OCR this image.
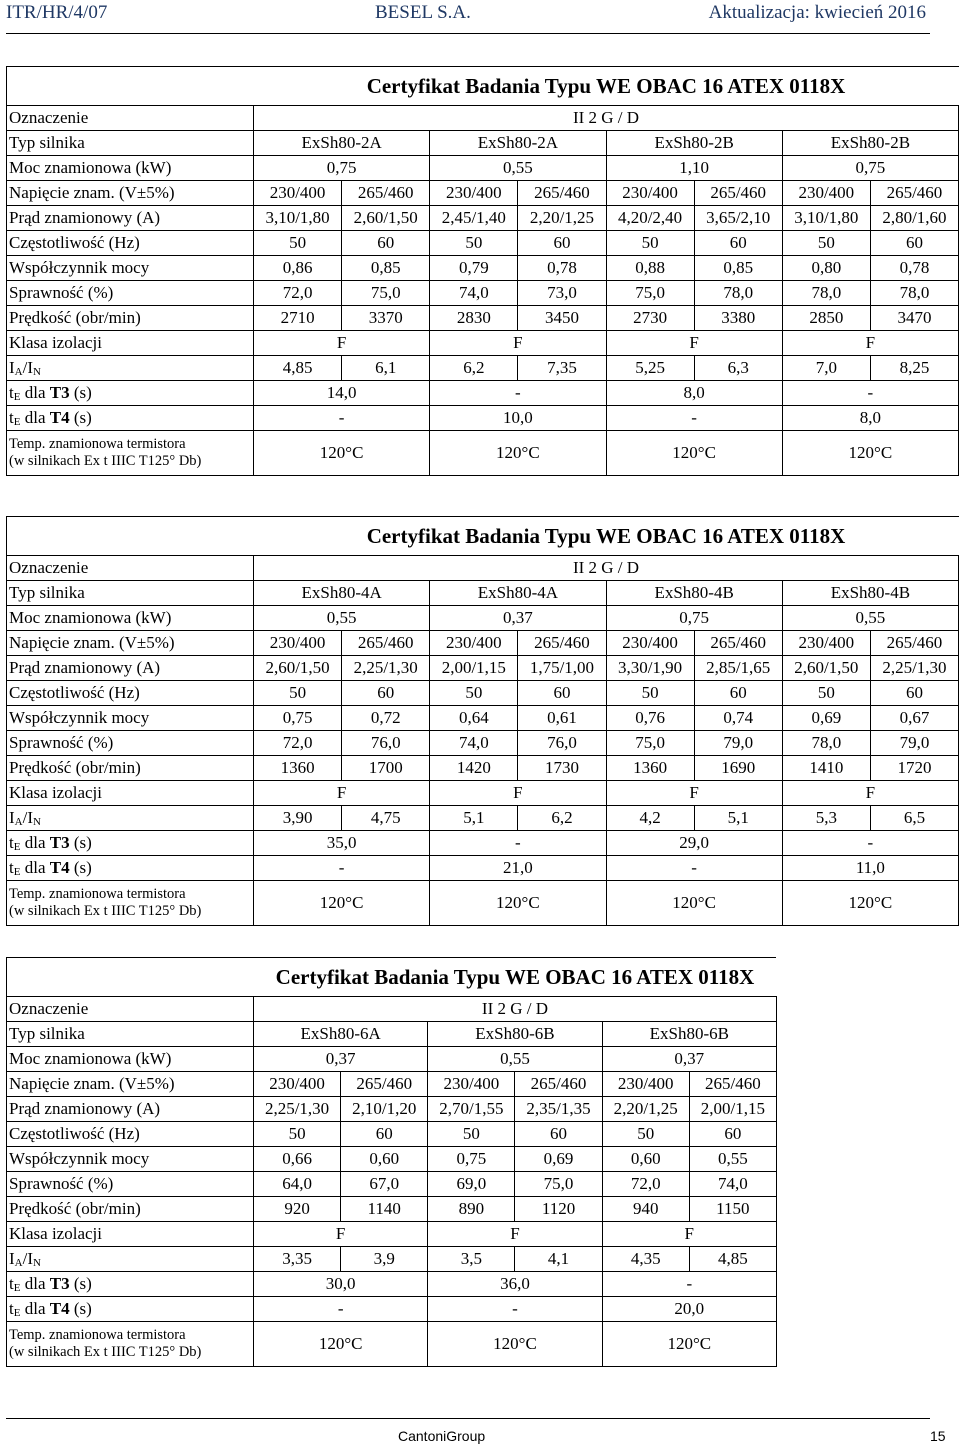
ITR/HR/4/07	BESEL S.A.	Aktualizacja: kwiecień 2016
	Certyfikat Badania Typu WE OBAC 16 ATEX 0118X							
Oznaczenie	II 2 G / D							
Typ silnika	ExSh80-2A		ExSh80-2A		ExSh80-2B		ExSh80-2B	
Moc znamionowa (kW)	0,75		0,55		1,10		0,75	
Napięcie znam. (V±5%)	230/400	265/460	230/400	265/460	230/400	265/460	230/400	265/460
Prąd znamionowy (A)	3,10/1,80	2,60/1,50	2,45/1,40	2,20/1,25	4,20/2,40	3,65/2,10	3,10/1,80	2,80/1,60
Częstotliwość (Hz)	50	60	50	60	50	60	50	60
Współczynnik mocy	0,86	0,85	0,79	0,78	0,88	0,85	0,80	0,78
Sprawność (%)	72,0	75,0	74,0	73,0	75,0	78,0	78,0	78,0
Prędkość (obr/min)	2710	3370	2830	3450	2730	3380	2850	3470
Klasa izolacji	F		F		F		F	
$I_A/I_N$	4,85	6,1	6,2	7,35	5,25	6,3	7,0	8,25
$t_E$ dla T3 (s)	14,0		-		8,0		-	
$t_E$ dla T4 (s)	-		10,0		-		8,0	
Temp. znamionowa termistora
(w silnikach Ex t IIIC T125° Db)	120°C		120°C		120°C		120°C	
	Certyfikat Badania Typu WE OBAC 16 ATEX 0118X							
Oznaczenie	II 2 G / D							
Typ silnika	ExSh80-4A		ExSh80-4A		ExSh80-4B		ExSh80-4B	
Moc znamionowa (kW)	0,55		0,37		0,75		0,55	
Napięcie znam. (V±5%)	230/400	265/460	230/400	265/460	230/400	265/460	230/400	265/460
Prąd znamionowy (A)	2,60/1,50	2,25/1,30	2,00/1,15	1,75/1,00	3,30/1,90	2,85/1,65	2,60/1,50	2,25/1,30
Częstotliwość (Hz)	50	60	50	60	50	60	50	60
Współczynnik mocy	0,75	0,72	0,64	0,61	0,76	0,74	0,69	0,67
Sprawność (%)	72,0	76,0	74,0	76,0	75,0	79,0	78,0	79,0
Prędkość (obr/min)	1360	1700	1420	1730	1360	1690	1410	1720
Klasa izolacji	F		F		F		F	
$I_A/I_N$	3,90	4,75	5,1	6,2	4,2	5,1	5,3	6,5
$t_E$ dla T3 (s)	35,0		-		29,0		-	
$t_E$ dla T4 (s)	-		21,0		-		11,0	
Temp. znamionowa termistora
(w silnikach Ex t IIIC T125° Db)	120°C		120°C		120°C		120°C	
	Certyfikat Badania Typu WE OBAC 16 ATEX 0118X					
Oznaczenie	II 2 G / D					
Typ silnika	ExSh80-6A		ExSh80-6B		ExSh80-6B	
Moc znamionowa (kW)	0,37		0,55		0,37	
Napięcie znam. (V±5%)	230/400	265/460	230/400	265/460	230/400	265/460
Prąd znamionowy (A)	2,25/1,30	2,10/1,20	2,70/1,55	2,35/1,35	2,20/1,25	2,00/1,15
Częstotliwość (Hz)	50	60	50	60	50	60
Współczynnik mocy	0,66	0,60	0,75	0,69	0,60	0,55
Sprawność (%)	64,0	67,0	69,0	75,0	72,0	74,0
Prędkość (obr/min)	920	1140	890	1120	940	1150
Klasa izolacji	F		F		F	
$I_A/I_N$	3,35	3,9	3,5	4,1	4,35	4,85
$t_E$ dla T3 (s)	30,0		36,0		-	
$t_E$ dla T4 (s)	-		-		20,0	
Temp. znamionowa termistora
(w silnikach Ex t IIIC T125° Db)	120°C		120°C		120°C	
CantoniGroup	15
